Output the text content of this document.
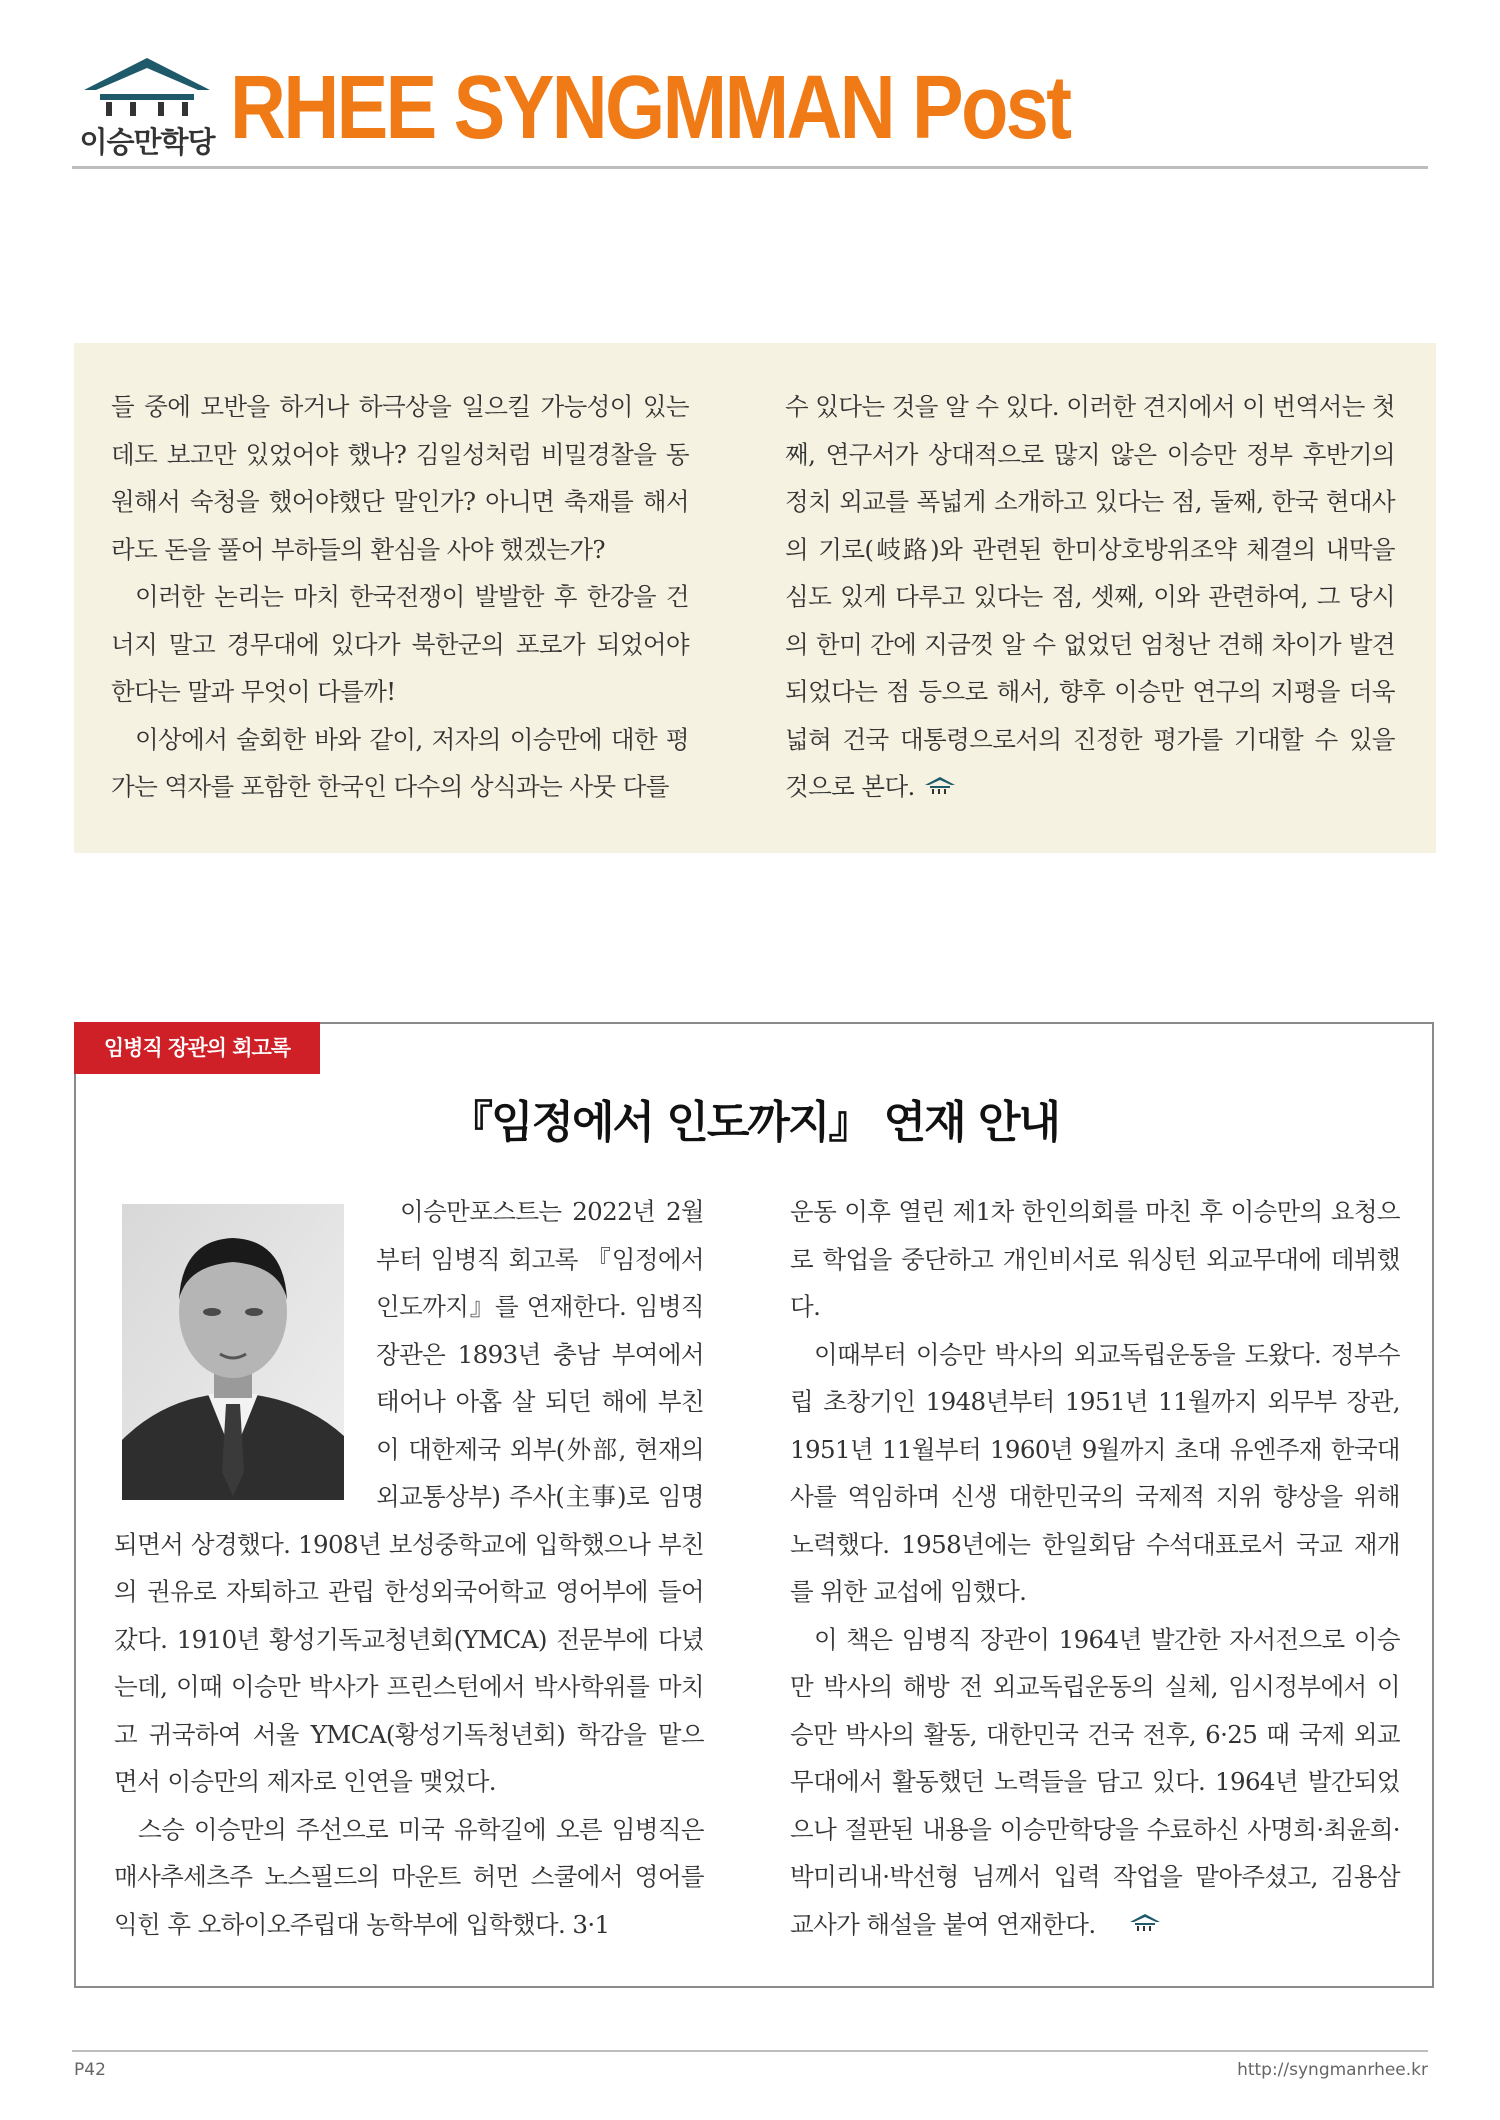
이승만학당 RHEE SYNGMMAN Post

들 중에 모반을 하거나 하극상을 일으킬 가능성이 있는데도 보고만 있었어야 했나? 김일성처럼 비밀경찰을 동원해서 숙청을 했어야했단 말인가? 아니면 축재를 해서라도 돈을 풀어 부하들의 환심을 사야 했겠는가?

이러한 논리는 마치 한국전쟁이 발발한 후 한강을 건너지 말고 경무대에 있다가 북한군의 포로가 되었어야 한다는 말과 무엇이 다를까!

이상에서 술회한 바와 같이, 저자의 이승만에 대한 평가는 역자를 포함한 한국인 다수의 상식과는 사뭇 다를

수 있다는 것을 알 수 있다. 이러한 견지에서 이 번역서는 첫째, 연구서가 상대적으로 많지 않은 이승만 정부 후반기의 정치 외교를 폭넓게 소개하고 있다는 점, 둘째, 한국 현대사의 기로(岐路)와 관련된 한미상호방위조약 체결의 내막을 심도 있게 다루고 있다는 점, 셋째, 이와 관련하여, 그 당시의 한미 간에 지금껏 알 수 없었던 엄청난 견해 차이가 발견되었다는 점 등으로 해서, 향후 이승만 연구의 지평을 더욱 넓혀 건국 대통령으로서의 진정한 평가를 기대할 수 있을 것으로 본다.

임병직 장관의 회고록
『임정에서 인도까지』 연재 안내

이승만포스트는 2022년 2월부터 임병직 회고록 『임정에서 인도까지』를 연재한다. 임병직 장관은 1893년 충남 부여에서 태어나 아홉 살 되던 해에 부친이 대한제국 외부(外部, 현재의 외교통상부) 주사(主事)로 임명되면서 상경했다. 1908년 보성중학교에 입학했으나 부친의 권유로 자퇴하고 관립 한성외국어학교 영어부에 들어갔다. 1910년 황성기독교청년회(YMCA) 전문부에 다녔는데, 이때 이승만 박사가 프린스턴에서 박사학위를 마치고 귀국하여 서울 YMCA(황성기독청년회) 학감을 맡으면서 이승만의 제자로 인연을 맺었다.

스승 이승만의 주선으로 미국 유학길에 오른 임병직은 매사추세츠주 노스필드의 마운트 허먼 스쿨에서 영어를 익힌 후 오하이오주립대 농학부에 입학했다. 3·1

운동 이후 열린 제1차 한인의회를 마친 후 이승만의 요청으로 학업을 중단하고 개인비서로 워싱턴 외교무대에 데뷔했다.

이때부터 이승만 박사의 외교독립운동을 도왔다. 정부수립 초창기인 1948년부터 1951년 11월까지 외무부 장관, 1951년 11월부터 1960년 9월까지 초대 유엔주재 한국대사를 역임하며 신생 대한민국의 국제적 지위 향상을 위해 노력했다. 1958년에는 한일회담 수석대표로서 국교 재개를 위한 교섭에 임했다.

이 책은 임병직 장관이 1964년 발간한 자서전으로 이승만 박사의 해방 전 외교독립운동의 실체, 임시정부에서 이승만 박사의 활동, 대한민국 건국 전후, 6·25 때 국제 외교무대에서 활동했던 노력들을 담고 있다. 1964년 발간되었으나 절판된 내용을 이승만학당을 수료하신 사명희·최윤희·박미리내·박선형 님께서 입력 작업을 맡아주셨고, 김용삼 교사가 해설을 붙여 연재한다.

P42	http://syngmanrhee.kr
